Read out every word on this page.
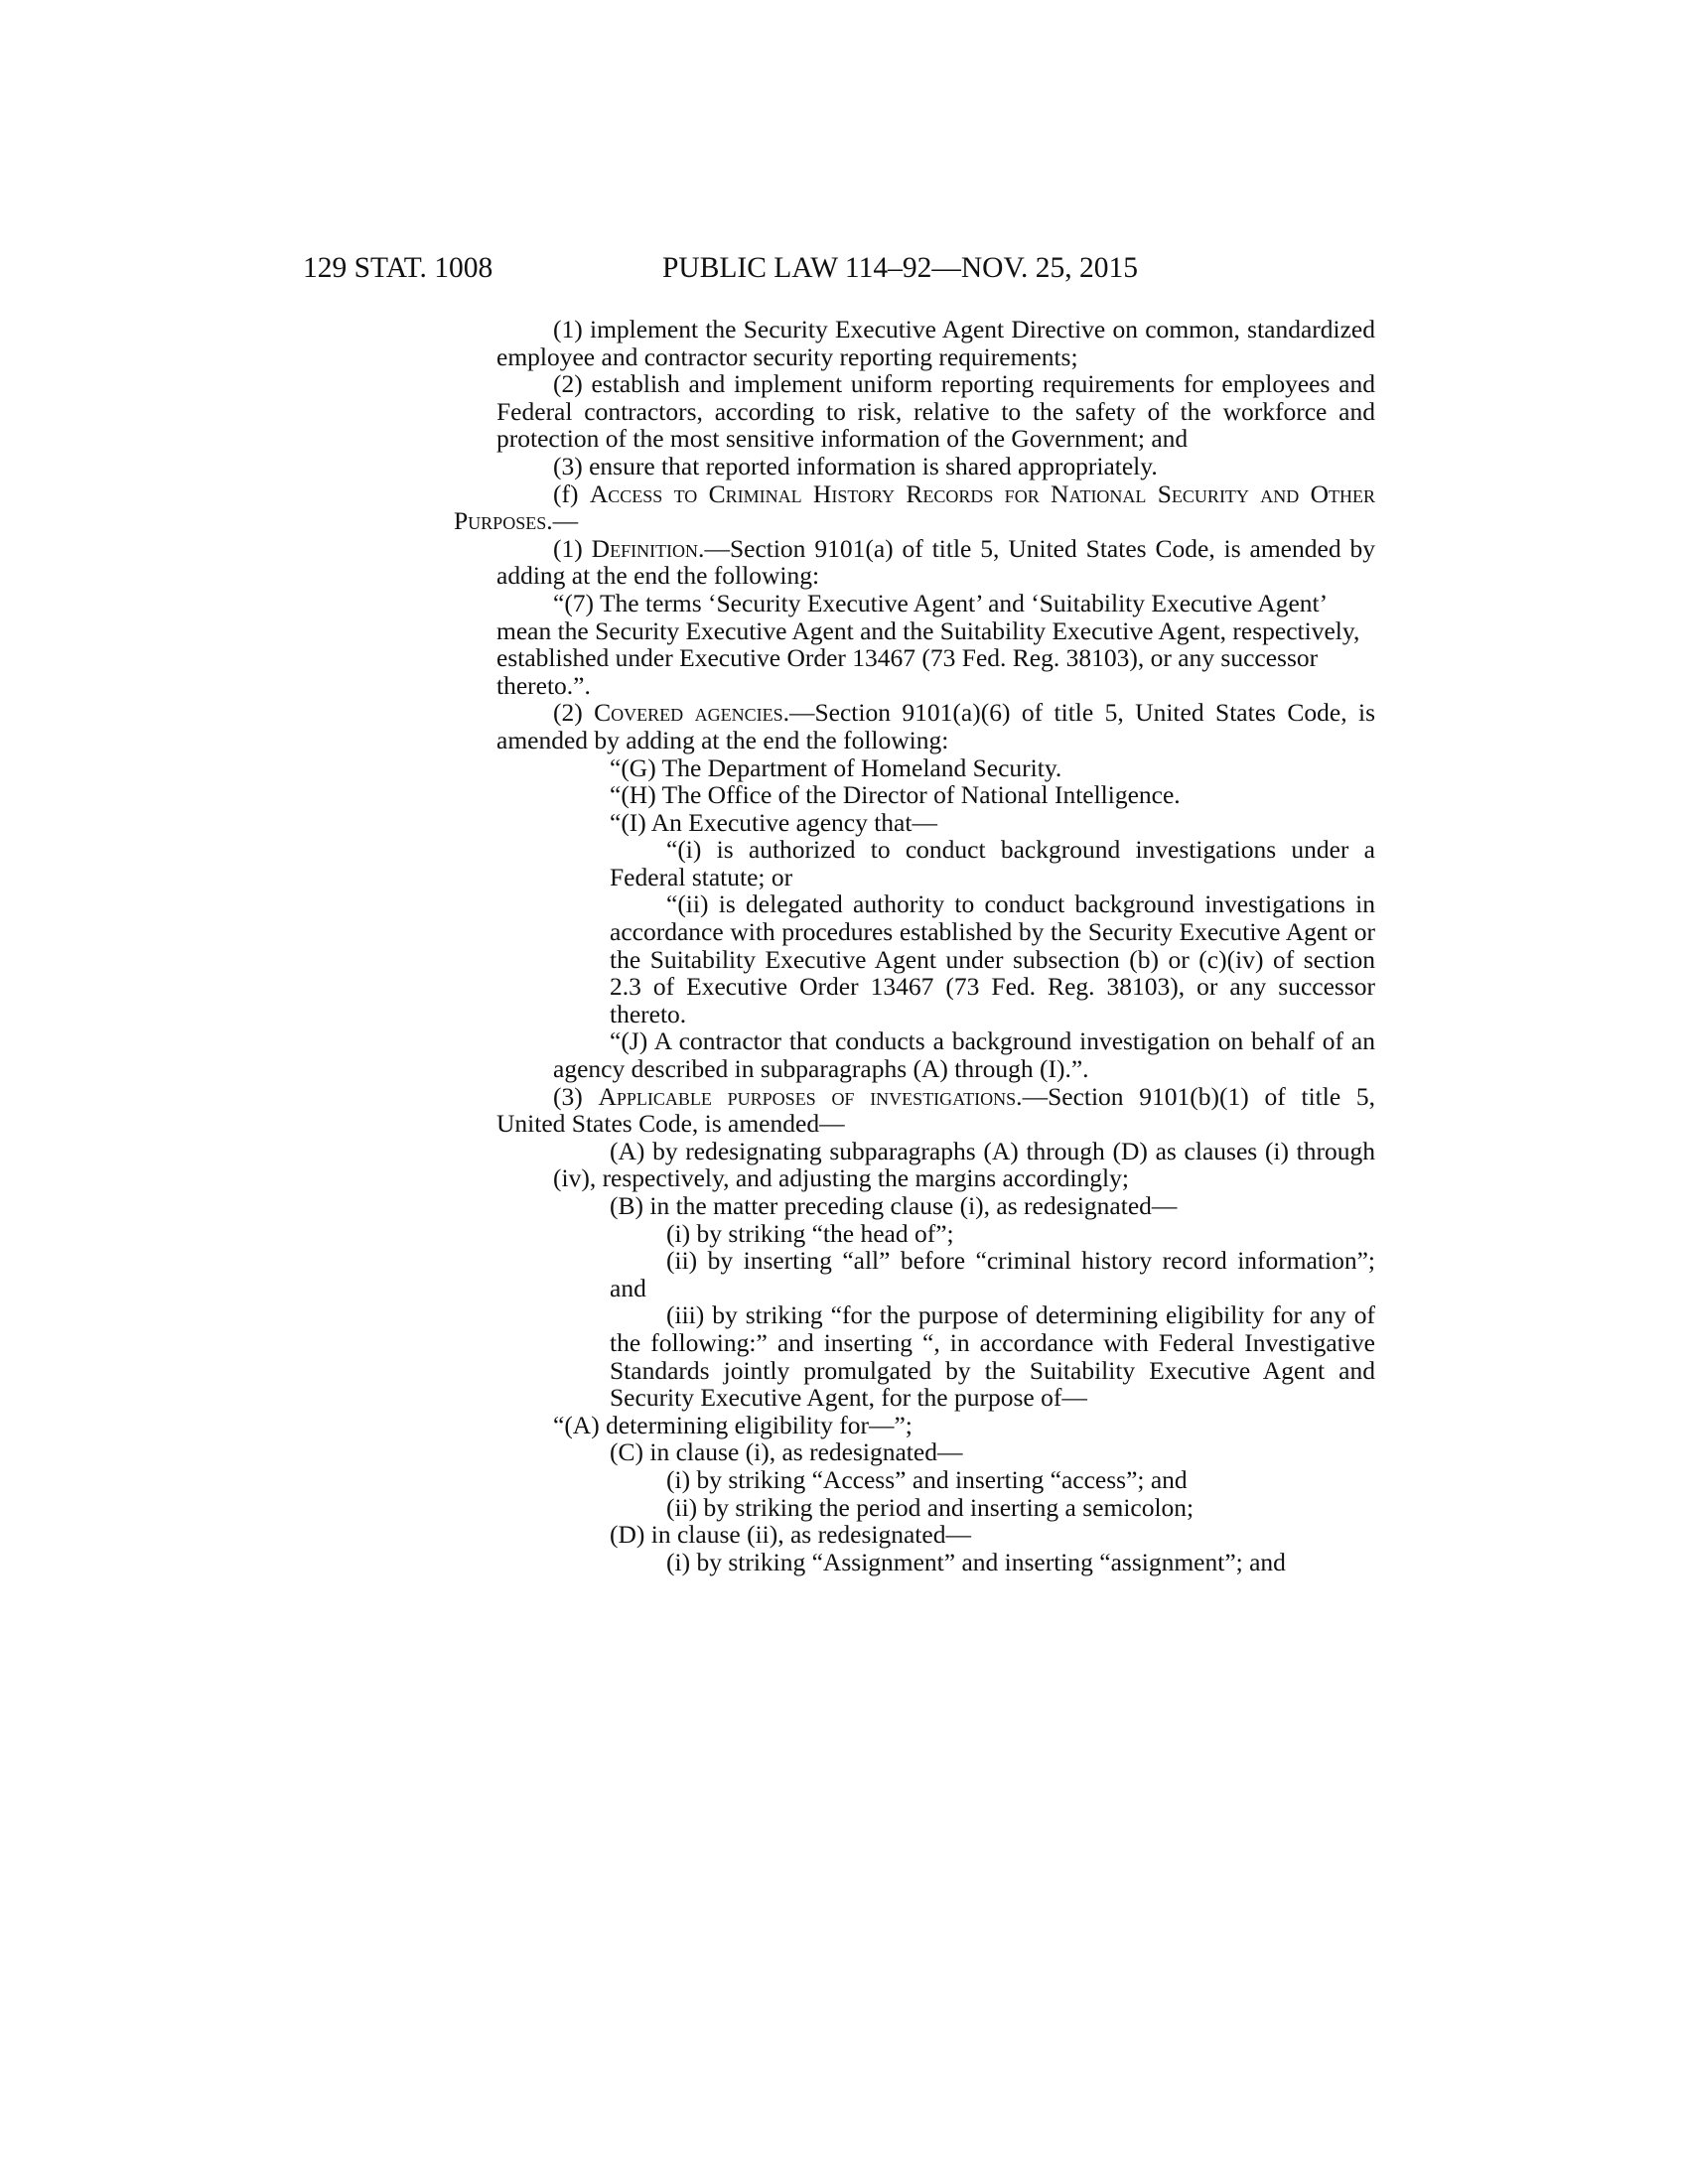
129 STAT. 1008	PUBLIC LAW 114–92—NOV. 25, 2015

(1) implement the Security Executive Agent Directive on common, standardized employee and contractor security reporting requirements;

(2) establish and implement uniform reporting requirements for employees and Federal contractors, according to risk, relative to the safety of the workforce and protection of the most sensitive information of the Government; and

(3) ensure that reported information is shared appropriately.

(f) Access to Criminal History Records for National Security and Other Purposes.—

(1) Definition.—Section 9101(a) of title 5, United States Code, is amended by adding at the end the following:

“(7) The terms ‘Security Executive Agent’ and ‘Suitability Executive Agent’ mean the Security Executive Agent and the Suitability Executive Agent, respectively, established under Executive Order 13467 (73 Fed. Reg. 38103), or any successor thereto.”.

(2) Covered agencies.—Section 9101(a)(6) of title 5, United States Code, is amended by adding at the end the following:

“(G) The Department of Homeland Security.

“(H) The Office of the Director of National Intelligence.

“(I) An Executive agency that—

“(i) is authorized to conduct background investigations under a Federal statute; or

“(ii) is delegated authority to conduct background investigations in accordance with procedures established by the Security Executive Agent or the Suitability Executive Agent under subsection (b) or (c)(iv) of section 2.3 of Executive Order 13467 (73 Fed. Reg. 38103), or any successor thereto.

“(J) A contractor that conducts a background investigation on behalf of an agency described in subparagraphs (A) through (I).”.

(3) Applicable purposes of investigations.—Section 9101(b)(1) of title 5, United States Code, is amended—

(A) by redesignating subparagraphs (A) through (D) as clauses (i) through (iv), respectively, and adjusting the margins accordingly;

(B) in the matter preceding clause (i), as redesignated—

(i) by striking “the head of”;

(ii) by inserting “all” before “criminal history record information”; and

(iii) by striking “for the purpose of determining eligibility for any of the following:” and inserting “, in accordance with Federal Investigative Standards jointly promulgated by the Suitability Executive Agent and Security Executive Agent, for the purpose of—

“(A) determining eligibility for—”;

(C) in clause (i), as redesignated—

(i) by striking “Access” and inserting “access”; and

(ii) by striking the period and inserting a semicolon;

(D) in clause (ii), as redesignated—

(i) by striking “Assignment” and inserting “assignment”; and
